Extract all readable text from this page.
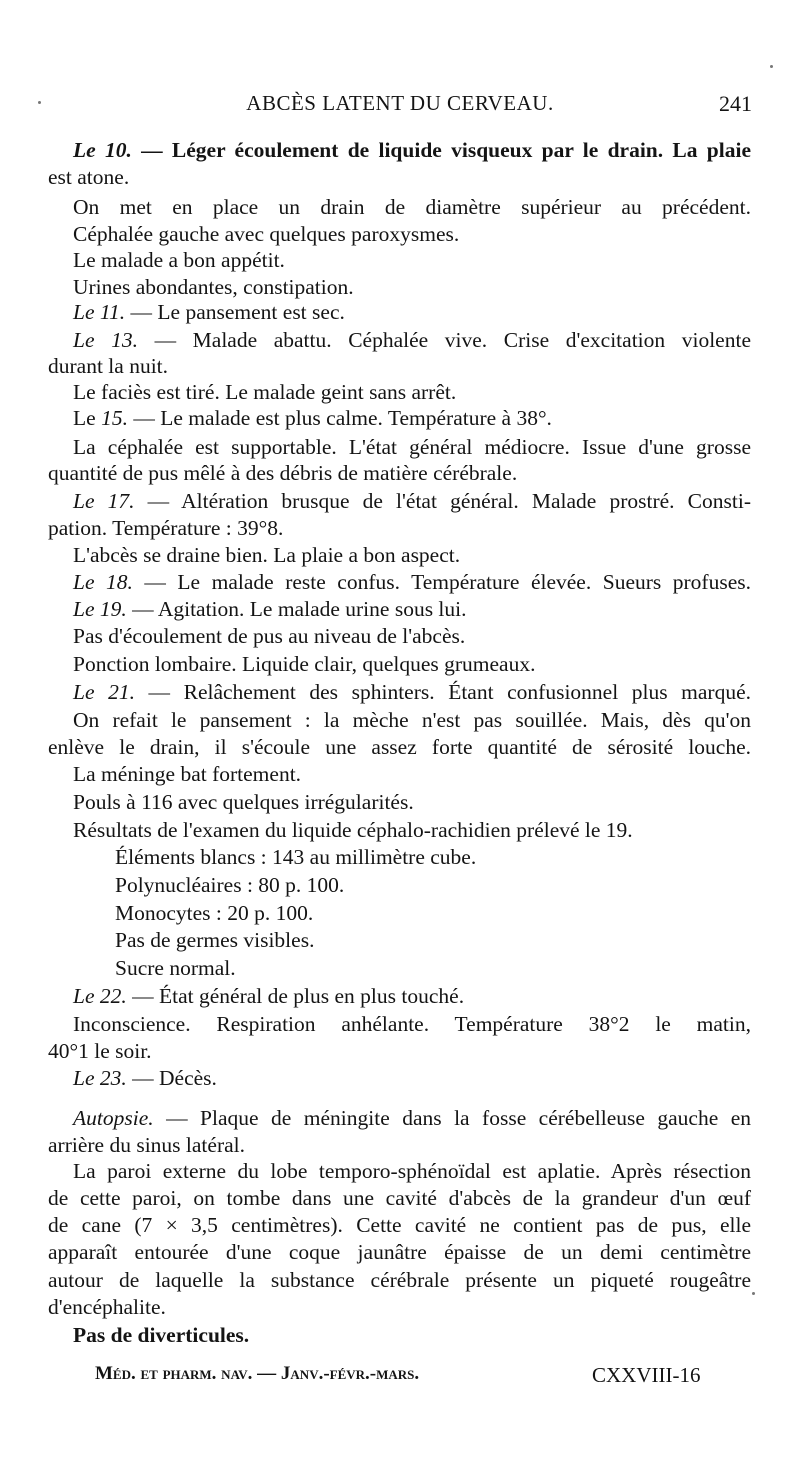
ABCÈS LATENT DU CERVEAU.	241
Le 10. — Léger écoulement de liquide visqueux par le drain. La plaie
est atone.
On met en place un drain de diamètre supérieur au précédent.
Céphalée gauche avec quelques paroxysmes.
Le malade a bon appétit.
Urines abondantes, constipation.
Le 11. — Le pansement est sec.
Le 13. — Malade abattu. Céphalée vive. Crise d'excitation violente
durant la nuit.
Le faciès est tiré. Le malade geint sans arrêt.
Le 15. — Le malade est plus calme. Température à 38°.
La céphalée est supportable. L'état général médiocre. Issue d'une grosse
quantité de pus mêlé à des débris de matière cérébrale.
Le 17. — Altération brusque de l'état général. Malade prostré. Consti-
pation. Température : 39°8.
L'abcès se draine bien. La plaie a bon aspect.
Le 18. — Le malade reste confus. Température élevée. Sueurs profuses.
Le 19. — Agitation. Le malade urine sous lui.
Pas d'écoulement de pus au niveau de l'abcès.
Ponction lombaire. Liquide clair, quelques grumeaux.
Le 21. — Relâchement des sphinters. Étant confusionnel plus marqué.
On refait le pansement : la mèche n'est pas souillée. Mais, dès qu'on
enlève le drain, il s'écoule une assez forte quantité de sérosité louche.
La méninge bat fortement.
Pouls à 116 avec quelques irrégularités.
Résultats de l'examen du liquide céphalo-rachidien prélevé le 19.
Éléments blancs : 143 au millimètre cube.
Polynucléaires : 80 p. 100.
Monocytes : 20 p. 100.
Pas de germes visibles.
Sucre normal.
Le 22. — État général de plus en plus touché.
Inconscience. Respiration anhélante. Température 38°2 le matin,
40°1 le soir.
Le 23. — Décès.
Autopsie. — Plaque de méningite dans la fosse cérébelleuse gauche en
arrière du sinus latéral.
La paroi externe du lobe temporo-sphénoïdal est aplatie. Après résection
de cette paroi, on tombe dans une cavité d'abcès de la grandeur d'un œuf
de cane (7 × 3,5 centimètres). Cette cavité ne contient pas de pus, elle
apparaît entourée d'une coque jaunâtre épaisse de un demi centimètre
autour de laquelle la substance cérébrale présente un piqueté rougeâtre
d'encéphalite.
Pas de diverticules.
Méd. et pharm. nav. — Janv.-févr.-mars.	CXXVIII-16
